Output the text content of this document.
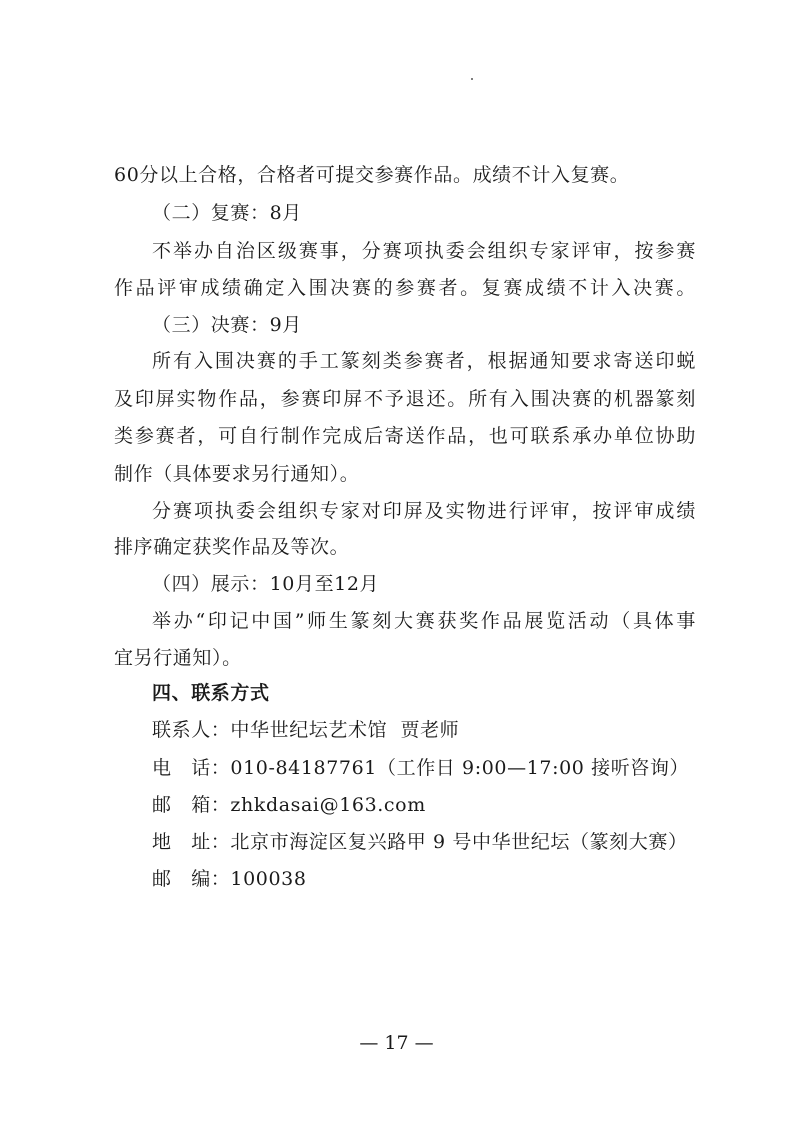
60分以上合格，合格者可提交参赛作品。成绩不计入复赛。
（二）复赛：8月
不举办自治区级赛事，分赛项执委会组织专家评审，按参赛
作品评审成绩确定入围决赛的参赛者。复赛成绩不计入决赛。
（三）决赛：9月
所有入围决赛的手工篆刻类参赛者，根据通知要求寄送印蜕
及印屏实物作品，参赛印屏不予退还。所有入围决赛的机器篆刻
类参赛者，可自行制作完成后寄送作品，也可联系承办单位协助
制作（具体要求另行通知）。
分赛项执委会组织专家对印屏及实物进行评审，按评审成绩
排序确定获奖作品及等次。
（四）展示：10月至12月
举办“印记中国”师生篆刻大赛获奖作品展览活动（具体事
宜另行通知）。
四、联系方式
联系人：中华世纪坛艺术馆  贾老师
电　话：010-84187761（工作日 9:00—17:00 接听咨询）
邮　箱：zhkdasai@163.com
地　址：北京市海淀区复兴路甲 9 号中华世纪坛（篆刻大赛）
邮　编：100038
— 17 —
